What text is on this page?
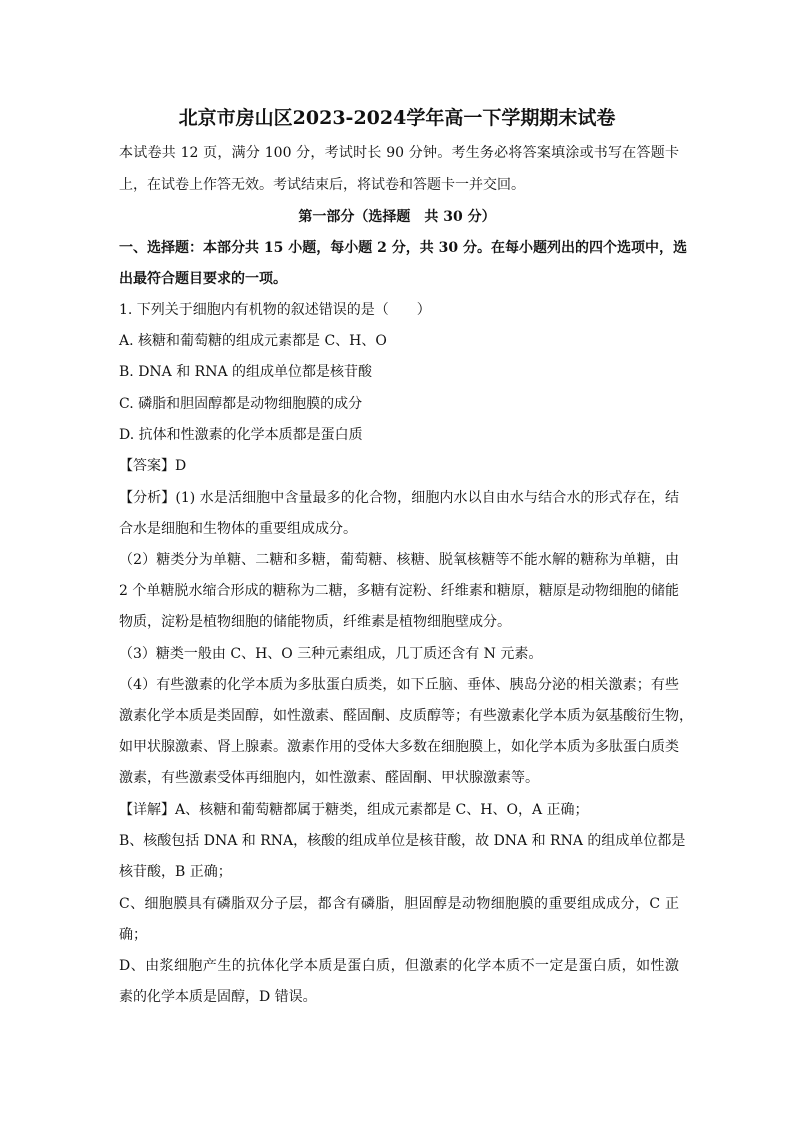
北京市房山区2023-2024学年高一下学期期末试卷
本试卷共 12 页，满分 100 分，考试时长 90 分钟。考生务必将答案填涂或书写在答题卡
上，在试卷上作答无效。考试结束后，将试卷和答题卡一并交回。
第一部分（选择题　共 30 分）
一、选择题：本部分共 15 小题，每小题 2 分，共 30 分。在每小题列出的四个选项中，选
出最符合题目要求的一项。
1. 下列关于细胞内有机物的叙述错误的是（　　）
A. 核糖和葡萄糖的组成元素都是 C、H、O
B. DNA 和 RNA 的组成单位都是核苷酸
C. 磷脂和胆固醇都是动物细胞膜的成分
D. 抗体和性激素的化学本质都是蛋白质
【答案】D
【分析】(1) 水是活细胞中含量最多的化合物，细胞内水以自由水与结合水的形式存在，结
合水是细胞和生物体的重要组成成分。
（2）糖类分为单糖、二糖和多糖，葡萄糖、核糖、脱氧核糖等不能水解的糖称为单糖，由
2 个单糖脱水缩合形成的糖称为二糖，多糖有淀粉、纤维素和糖原，糖原是动物细胞的储能
物质，淀粉是植物细胞的储能物质，纤维素是植物细胞壁成分。
（3）糖类一般由 C、H、O 三种元素组成，几丁质还含有 N 元素。
（4）有些激素的化学本质为多肽蛋白质类，如下丘脑、垂体、胰岛分泌的相关激素；有些
激素化学本质是类固醇，如性激素、醛固酮、皮质醇等；有些激素化学本质为氨基酸衍生物，
如甲状腺激素、肾上腺素。激素作用的受体大多数在细胞膜上，如化学本质为多肽蛋白质类
激素，有些激素受体再细胞内，如性激素、醛固酮、甲状腺激素等。
【详解】A、核糖和葡萄糖都属于糖类，组成元素都是 C、H、O，A 正确；
B、核酸包括 DNA 和 RNA，核酸的组成单位是核苷酸，故 DNA 和 RNA 的组成单位都是
核苷酸，B 正确；
C、细胞膜具有磷脂双分子层，都含有磷脂，胆固醇是动物细胞膜的重要组成成分，C 正
确；
D、由浆细胞产生的抗体化学本质是蛋白质，但激素的化学本质不一定是蛋白质，如性激
素的化学本质是固醇，D 错误。
